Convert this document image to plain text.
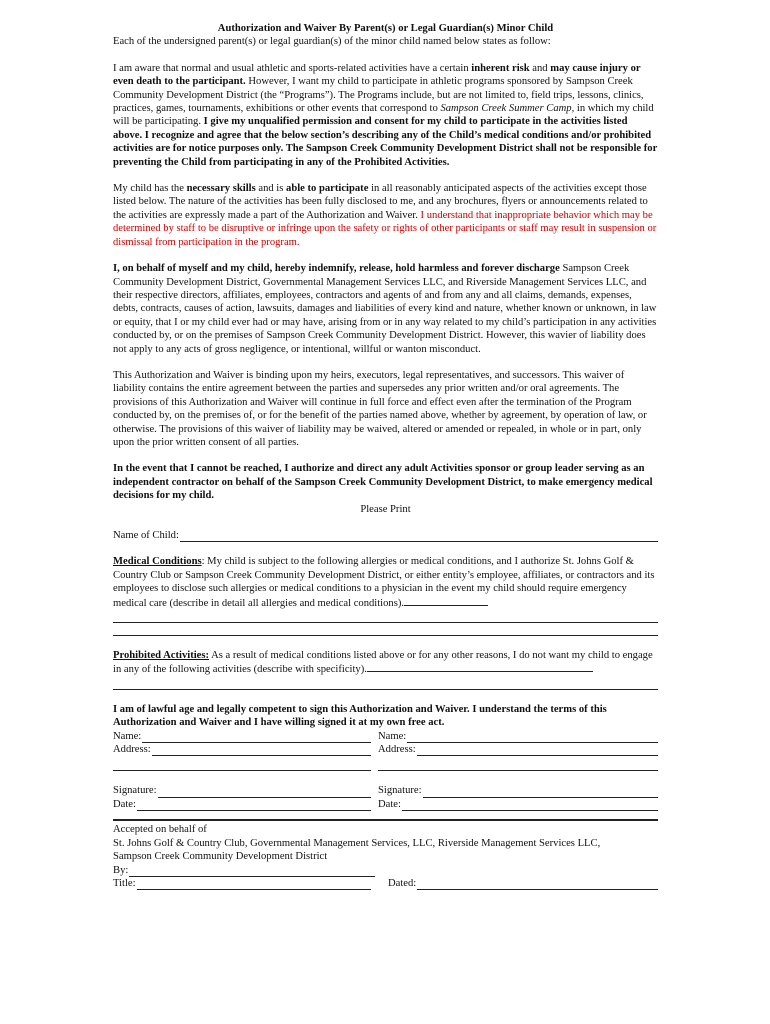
Authorization and Waiver By Parent(s) or Legal Guardian(s) Minor Child

Each of the undersigned parent(s) or legal guardian(s) of the minor child named below states as follow:

I am aware that normal and usual athletic and sports-related activities have a certain inherent risk and may cause injury or even death to the participant. However, I want my child to participate in athletic programs sponsored by Sampson Creek Community Development District (the “Programs”). The Programs include, but are not limited to, field trips, lessons, clinics, practices, games, tournaments, exhibitions or other events that correspond to Sampson Creek Summer Camp, in which my child will be participating. I give my unqualified permission and consent for my child to participate in the activities listed above. I recognize and agree that the below section’s describing any of the Child’s medical conditions and/or prohibited activities are for notice purposes only. The Sampson Creek Community Development District shall not be responsible for preventing the Child from participating in any of the Prohibited Activities.

My child has the necessary skills and is able to participate in all reasonably anticipated aspects of the activities except those listed below. The nature of the activities has been fully disclosed to me, and any brochures, flyers or announcements related to the activities are expressly made a part of the Authorization and Waiver. I understand that inappropriate behavior which may be determined by staff to be disruptive or infringe upon the safety or rights of other participants or staff may result in suspension or dismissal from participation in the program.

I, on behalf of myself and my child, hereby indemnify, release, hold harmless and forever discharge Sampson Creek Community Development District, Governmental Management Services LLC, and Riverside Management Services LLC, and their respective directors, affiliates, employees, contractors and agents of and from any and all claims, demands, expenses, debts, contracts, causes of action, lawsuits, damages and liabilities of every kind and nature, whether known or unknown, in law or equity, that I or my child ever had or may have, arising from or in any way related to my child’s participation in any activities conducted by, or on the premises of Sampson Creek Community Development District. However, this wavier of liability does not apply to any acts of gross negligence, or intentional, willful or wanton misconduct.

This Authorization and Waiver is binding upon my heirs, executors, legal representatives, and successors. This waiver of liability contains the entire agreement between the parties and supersedes any prior written and/or oral agreements. The provisions of this Authorization and Waiver will continue in full force and effect even after the termination of the Program conducted by, on the premises of, or for the benefit of the parties named above, whether by agreement, by operation of law, or otherwise. The provisions of this waiver of liability may be waived, altered or amended or repealed, in whole or in part, only upon the prior written consent of all parties.

In the event that I cannot be reached, I authorize and direct any adult Activities sponsor or group leader serving as an independent contractor on behalf of the Sampson Creek Community Development District, to make emergency medical decisions for my child.

Please Print

Name of Child:

Medical Conditions: My child is subject to the following allergies or medical conditions, and I authorize St. Johns Golf & Country Club or Sampson Creek Community Development District, or either entity’s employee, affiliates, or contractors and its employees to disclose such allergies or medical conditions to a physician in the event my child should require emergency medical care (describe in detail all allergies and medical conditions).

Prohibited Activities: As a result of medical conditions listed above or for any other reasons, I do not want my child to engage in any of the following activities (describe with specificity).

I am of lawful age and legally competent to sign this Authorization and Waiver. I understand the terms of this Authorization and Waiver and I have willing signed it at my own free act.

Name:	Name:
Address:	Address:
Signature:	Signature:
Date:	Date:

Accepted on behalf of

St. Johns Golf & Country Club, Governmental Management Services, LLC, Riverside Management Services LLC,

Sampson Creek Community Development District

By:
Title:	Dated:
